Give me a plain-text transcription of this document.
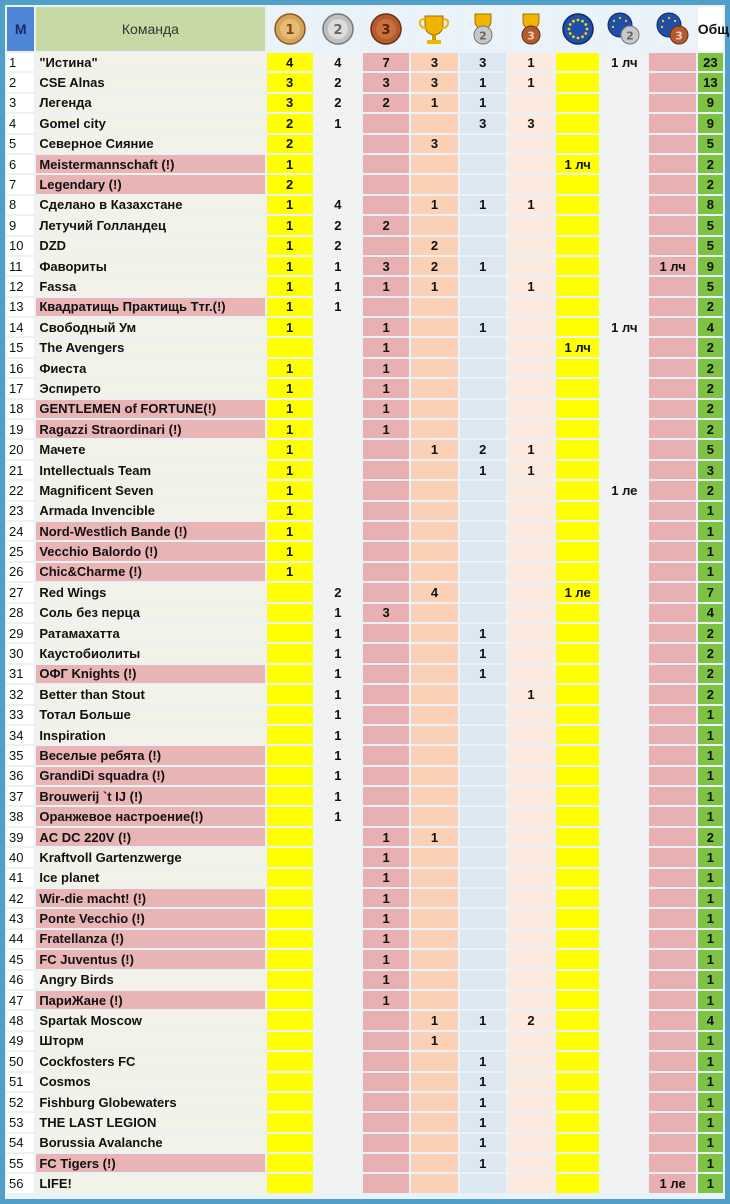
М	Команда	1	2	3		2	3		2	3	Общ
1	"Истина"	4	4	7	3	3	1		1 лч		23
2	CSE Alnas	3	2	3	3	1	1				13
3	Легенда	3	2	2	1	1					9
4	Gomel city	2	1			3	3				9
5	Северное Сияние	2			3						5
6	Meistermannschaft (!)	1						1 лч			2
7	Legendary (!)	2									2
8	Сделано в Казахстане	1	4		1	1	1				8
9	Летучий Голландец	1	2	2							5
10	DZD	1	2		2						5
11	Фавориты	1	1	3	2	1				1 лч	9
12	Fassa	1	1	1	1		1				5
13	Квадратищь Практищь Ттг.(!)	1	1								2
14	Свободный Ум	1		1		1			1 лч		4
15	The Avengers			1				1 лч			2
16	Фиеста	1		1							2
17	Эспирето	1		1							2
18	GENTLEMEN of FORTUNE(!)	1		1							2
19	Ragazzi Straordinari (!)	1		1							2
20	Мачете	1			1	2	1				5
21	Intellectuals Team	1				1	1				3
22	Magnificent Seven	1							1 ле		2
23	Armada Invencible	1									1
24	Nord-Westlich Bande (!)	1									1
25	Vecchio Balordo (!)	1									1
26	Chic&Charme (!)	1									1
27	Red Wings		2		4			1 ле			7
28	Соль без перца		1	3							4
29	Ратамахатта		1			1					2
30	Каустобиолиты		1			1					2
31	ОФГ Knights (!)		1			1					2
32	Better than Stout		1				1				2
33	Тотал Больше		1								1
34	Inspiration		1								1
35	Веселые ребята (!)		1								1
36	GrandiDi squadra (!)		1								1
37	Brouwerij `t IJ (!)		1								1
38	Оранжевое настроение(!)		1								1
39	AC DC 220V (!)			1	1						2
40	Kraftvoll Gartenzwerge			1							1
41	Ice planet			1							1
42	Wir-die macht! (!)			1							1
43	Ponte Vecchio (!)			1							1
44	Fratellanza (!)			1							1
45	FC Juventus (!)			1							1
46	Angry Birds			1							1
47	ПариЖане (!)			1							1
48	Spartak Moscow				1	1	2				4
49	Шторм				1						1
50	Cockfosters FC					1					1
51	Cosmos					1					1
52	Fishburg Globewaters					1					1
53	THE LAST LEGION					1					1
54	Borussia Avalanche					1					1
55	FC Tigers (!)					1					1
56	LIFE!									1 ле	1
